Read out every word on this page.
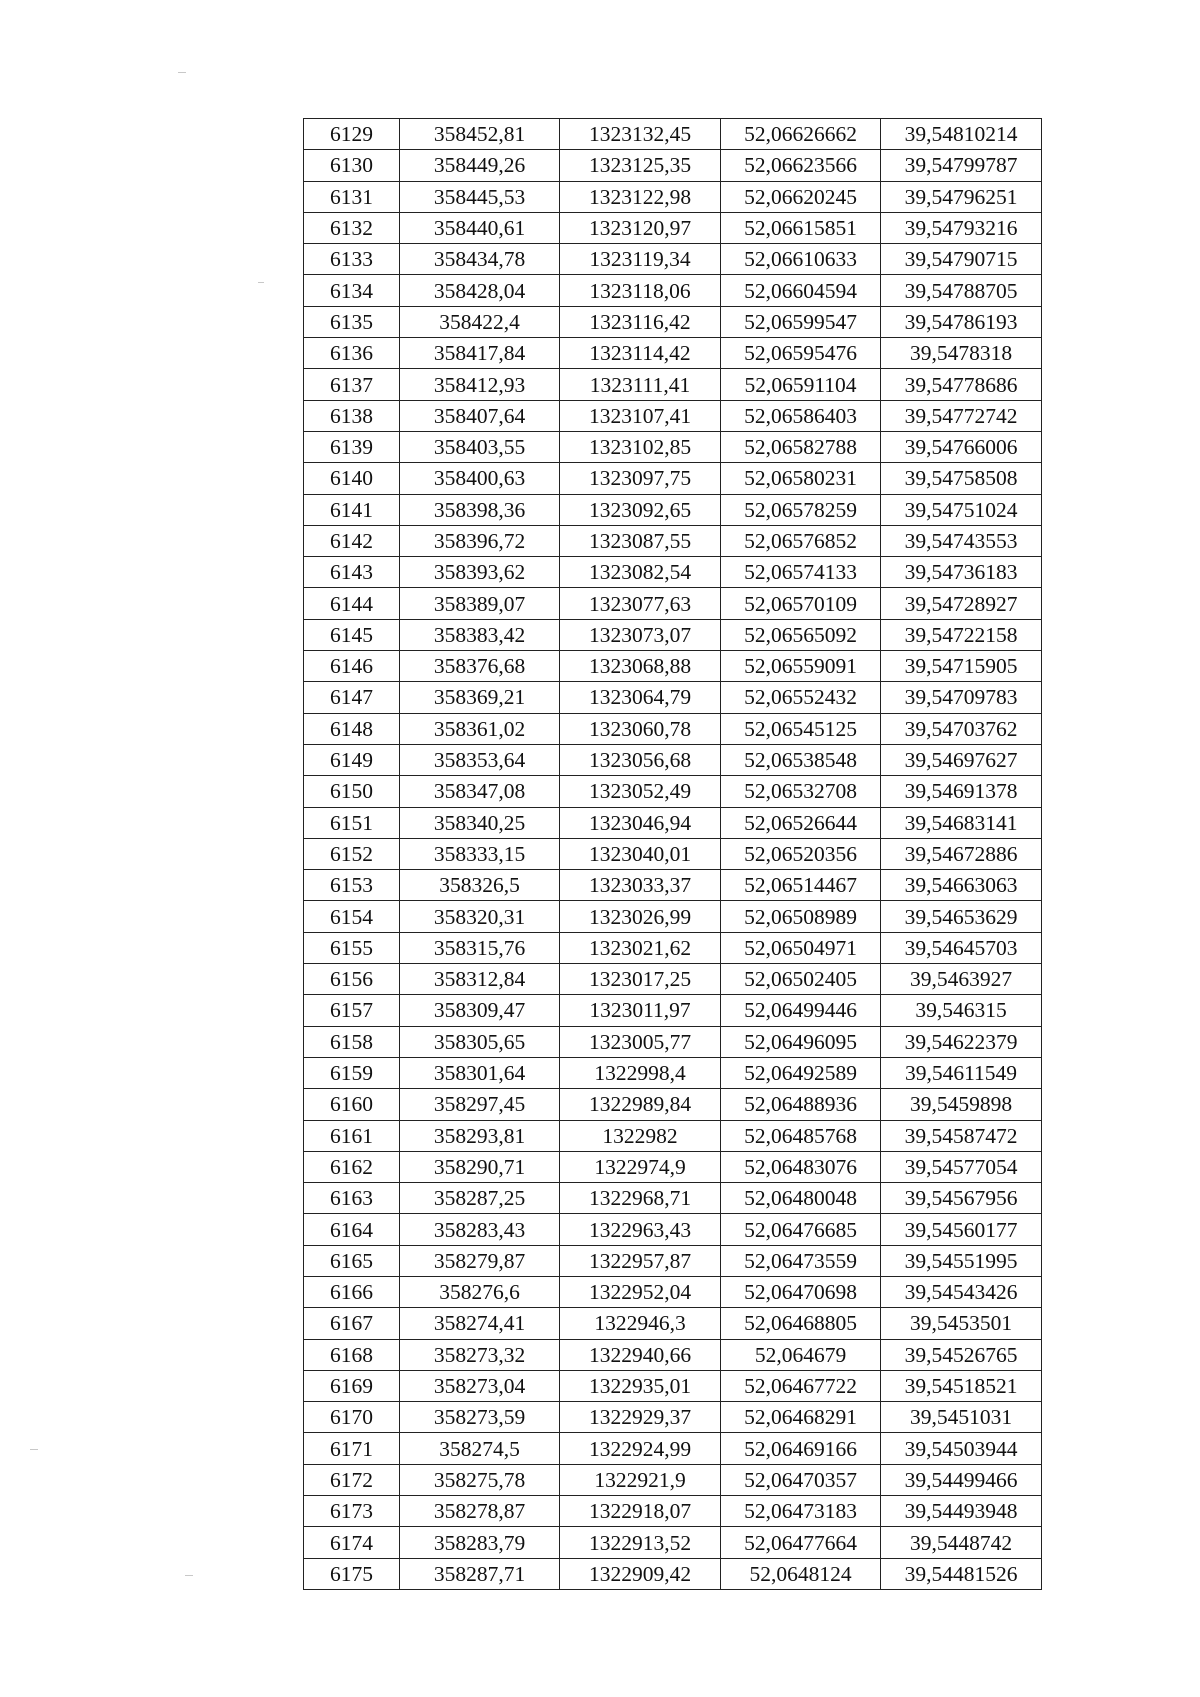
6129	358452,81	1323132,45	52,06626662	39,54810214
6130	358449,26	1323125,35	52,06623566	39,54799787
6131	358445,53	1323122,98	52,06620245	39,54796251
6132	358440,61	1323120,97	52,06615851	39,54793216
6133	358434,78	1323119,34	52,06610633	39,54790715
6134	358428,04	1323118,06	52,06604594	39,54788705
6135	358422,4	1323116,42	52,06599547	39,54786193
6136	358417,84	1323114,42	52,06595476	39,5478318
6137	358412,93	1323111,41	52,06591104	39,54778686
6138	358407,64	1323107,41	52,06586403	39,54772742
6139	358403,55	1323102,85	52,06582788	39,54766006
6140	358400,63	1323097,75	52,06580231	39,54758508
6141	358398,36	1323092,65	52,06578259	39,54751024
6142	358396,72	1323087,55	52,06576852	39,54743553
6143	358393,62	1323082,54	52,06574133	39,54736183
6144	358389,07	1323077,63	52,06570109	39,54728927
6145	358383,42	1323073,07	52,06565092	39,54722158
6146	358376,68	1323068,88	52,06559091	39,54715905
6147	358369,21	1323064,79	52,06552432	39,54709783
6148	358361,02	1323060,78	52,06545125	39,54703762
6149	358353,64	1323056,68	52,06538548	39,54697627
6150	358347,08	1323052,49	52,06532708	39,54691378
6151	358340,25	1323046,94	52,06526644	39,54683141
6152	358333,15	1323040,01	52,06520356	39,54672886
6153	358326,5	1323033,37	52,06514467	39,54663063
6154	358320,31	1323026,99	52,06508989	39,54653629
6155	358315,76	1323021,62	52,06504971	39,54645703
6156	358312,84	1323017,25	52,06502405	39,5463927
6157	358309,47	1323011,97	52,06499446	39,546315
6158	358305,65	1323005,77	52,06496095	39,54622379
6159	358301,64	1322998,4	52,06492589	39,54611549
6160	358297,45	1322989,84	52,06488936	39,5459898
6161	358293,81	1322982	52,06485768	39,54587472
6162	358290,71	1322974,9	52,06483076	39,54577054
6163	358287,25	1322968,71	52,06480048	39,54567956
6164	358283,43	1322963,43	52,06476685	39,54560177
6165	358279,87	1322957,87	52,06473559	39,54551995
6166	358276,6	1322952,04	52,06470698	39,54543426
6167	358274,41	1322946,3	52,06468805	39,5453501
6168	358273,32	1322940,66	52,064679	39,54526765
6169	358273,04	1322935,01	52,06467722	39,54518521
6170	358273,59	1322929,37	52,06468291	39,5451031
6171	358274,5	1322924,99	52,06469166	39,54503944
6172	358275,78	1322921,9	52,06470357	39,54499466
6173	358278,87	1322918,07	52,06473183	39,54493948
6174	358283,79	1322913,52	52,06477664	39,5448742
6175	358287,71	1322909,42	52,0648124	39,54481526
